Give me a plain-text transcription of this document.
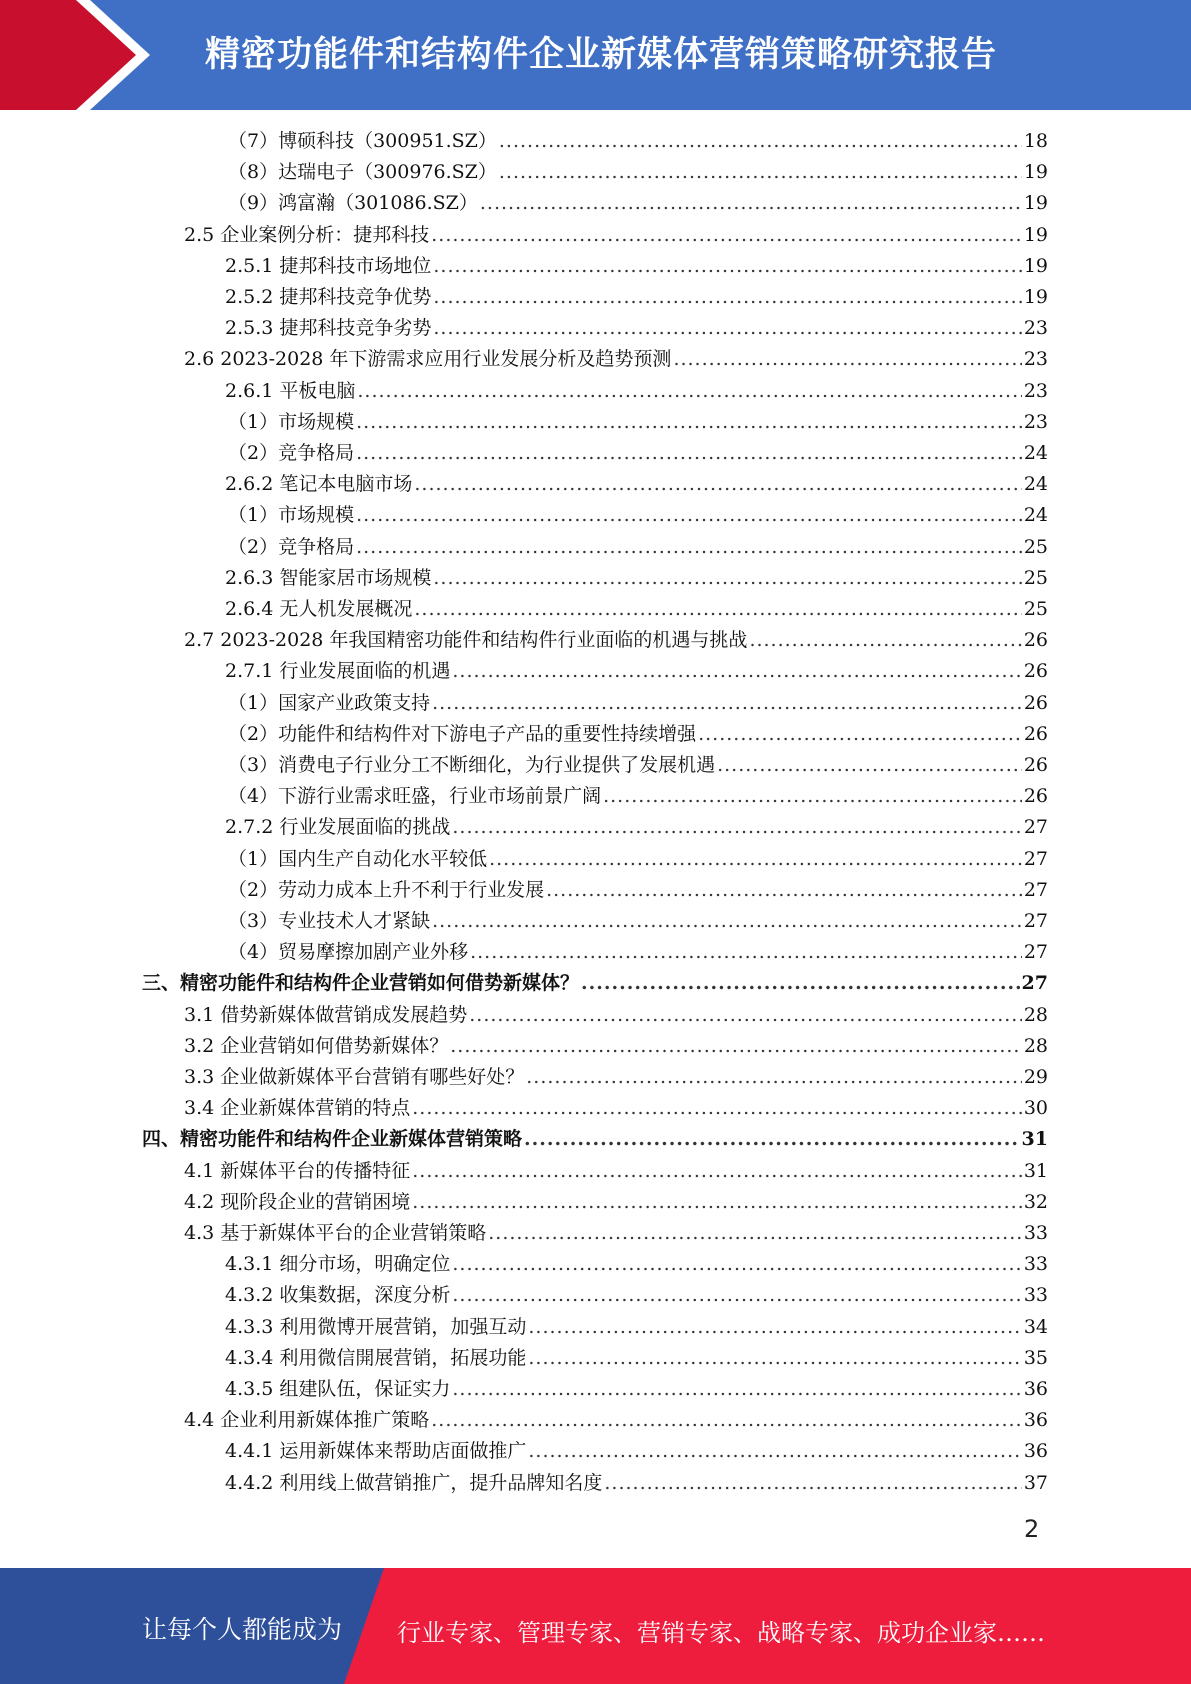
精密功能件和结构件企业新媒体营销策略研究报告
（7）博硕科技（300951.SZ） .....	18
（8）达瑞电子（300976.SZ） .....	19
（9）鸿富瀚（301086.SZ） .....	19
2.5 企业案例分析：捷邦科技 .....	19
2.5.1 捷邦科技市场地位 .....	19
2.5.2 捷邦科技竞争优势 .....	19
2.5.3 捷邦科技竞争劣势 .....	23
2.6 2023-2028 年下游需求应用行业发展分析及趋势预测 .....	23
2.6.1 平板电脑 .....	23
（1）市场规模 .....	23
（2）竞争格局 .....	24
2.6.2 笔记本电脑市场 .....	24
（1）市场规模 .....	24
（2）竞争格局 .....	25
2.6.3 智能家居市场规模 .....	25
2.6.4 无人机发展概况 .....	25
2.7 2023-2028 年我国精密功能件和结构件行业面临的机遇与挑战 .....	26
2.7.1 行业发展面临的机遇 .....	26
（1）国家产业政策支持 .....	26
（2）功能件和结构件对下游电子产品的重要性持续增强 .....	26
（3）消费电子行业分工不断细化，为行业提供了发展机遇 .....	26
（4）下游行业需求旺盛，行业市场前景广阔 .....	26
2.7.2 行业发展面临的挑战 .....	27
（1）国内生产自动化水平较低 .....	27
（2）劳动力成本上升不利于行业发展 .....	27
（3）专业技术人才紧缺 .....	27
（4）贸易摩擦加剧产业外移 .....	27
三、精密功能件和结构件企业营销如何借势新媒体？ .....	27
3.1 借势新媒体做营销成发展趋势 .....	28
3.2 企业营销如何借势新媒体？ .....	28
3.3 企业做新媒体平台营销有哪些好处？ .....	29
3.4 企业新媒体营销的特点 .....	30
四、精密功能件和结构件企业新媒体营销策略 .....	31
4.1 新媒体平台的传播特征 .....	31
4.2 现阶段企业的营销困境 .....	32
4.3 基于新媒体平台的企业营销策略 .....	33
4.3.1 细分市场，明确定位 .....	33
4.3.2 收集数据，深度分析 .....	33
4.3.3 利用微博开展营销，加强互动 .....	34
4.3.4 利用微信開展营销，拓展功能 .....	35
4.3.5 组建队伍，保证实力 .....	36
4.4 企业利用新媒体推广策略 .....	36
4.4.1 运用新媒体来帮助店面做推广 .....	36
4.4.2 利用线上做营销推广，提升品牌知名度 .....	37
2
让每个人都能成为 行业专家、管理专家、营销专家、战略专家、成功企业家……
